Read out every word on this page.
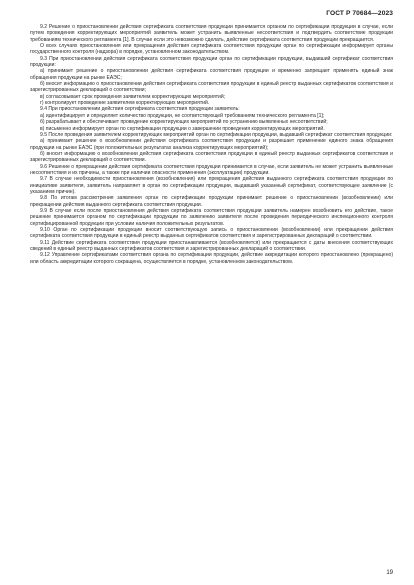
ГОСТ Р 70684—2023

9.2 Решение о приостановлении действия сертификата соответствия продукции принимается органом по сертификации продукции в случае, если путем проведения корректирующих мероприятий заявитель может устранить выявленные несоответствия и подтвердить соответствие продукции требованиям технического регламента [1]. В случае если это невозможно сделать, действие сертификата соответствия продукции прекращается.

О всех случаях приостановления или прекращения действия сертификата соответствия продукции орган по сертификации информирует органы государственного контроля (надзора) в порядке, установленном законодательством.

9.3 При приостановлении действия сертификата соответствия продукции орган по сертификации продукции, выдавший сертификат соответствия продукции:

а) принимает решение о приостановлении действия сертификата соответствия продукции и временно запрещает применять единый знак обращения продукции на рынке ЕАЭС;

б) вносит информацию о приостановлении действия сертификата соответствия продукции в единый реестр выданных сертификатов соответствия и зарегистрированных деклараций о соответствии;

в) согласовывает срок проведения заявителем корректирующих мероприятий;

г) контролирует проведение заявителем корректирующих мероприятий.

9.4 При приостановлении действия сертификата соответствия продукции заявитель:

а) идентифицирует и определяет количество продукции, не соответствующей требованиям технического регламента [1];

б) разрабатывает и обеспечивает проведение корректирующих мероприятий по устранению выявленных несоответствий;

в) письменно информирует орган по сертификации продукции о завершении проведения корректирующих мероприятий.

9.5 После проведения заявителем корректирующих мероприятий орган по сертификации продукции, выдавший сертификат соответствия продукции:

а) принимает решение о возобновлении действия сертификата соответствия продукции и разрешает применение единого знака обращения продукции на рынке ЕАЭС (при положительных результатах анализа корректирующих мероприятий);

б) вносит информацию о возобновлении действия сертификата соответствия продукции в единый реестр выданных сертификатов соответствия и зарегистрированных деклараций о соответствии.

9.6 Решение о прекращении действия сертификата соответствия продукции принимается в случае, если заявитель не может устранить выявленные несоответствия и их причины, а также при наличии опасности применения (эксплуатации) продукции.

9.7 В случае необходимости приостановления (возобновления) или прекращения действия выданного сертификата соответствия продукции по инициативе заявителя, заявитель направляет в орган по сертификации продукции, выдавший указанный сертификат, соответствующее заявление (с указанием причин).

9.8 По итогам рассмотрения заявления орган по сертификации продукции принимает решение о приостановлении (возобновлении) или прекращении действия выданного сертификата соответствия продукции.

9.9 В случае если после приостановления действия сертификата соответствия продукции заявитель намерен возобновить его действие, такое решение принимается органом по сертификации продукции по заявлению заявителя после проведения периодического инспекционного контроля сертифицированной продукции при условии наличия положительных результатов.

9.10 Орган по сертификации продукции вносит соответствующую запись о приостановлении (возобновлении) или прекращении действия сертификата соответствия продукции в единый реестр выданных сертификатов соответствия и зарегистрированных деклараций о соответствии.

9.11 Действие сертификата соответствия продукции приостанавливается (возобновляется) или прекращается с даты внесения соответствующих сведений в единый реестр выданных сертификатов соответствия и зарегистрированных деклараций о соответствии.

9.12 Управление сертификатами соответствия органа по сертификации продукции, действие аккредитации которого приостановлено (прекращено) или область аккредитации которого сокращена, осуществляется в порядке, установленном законодательством.

19
